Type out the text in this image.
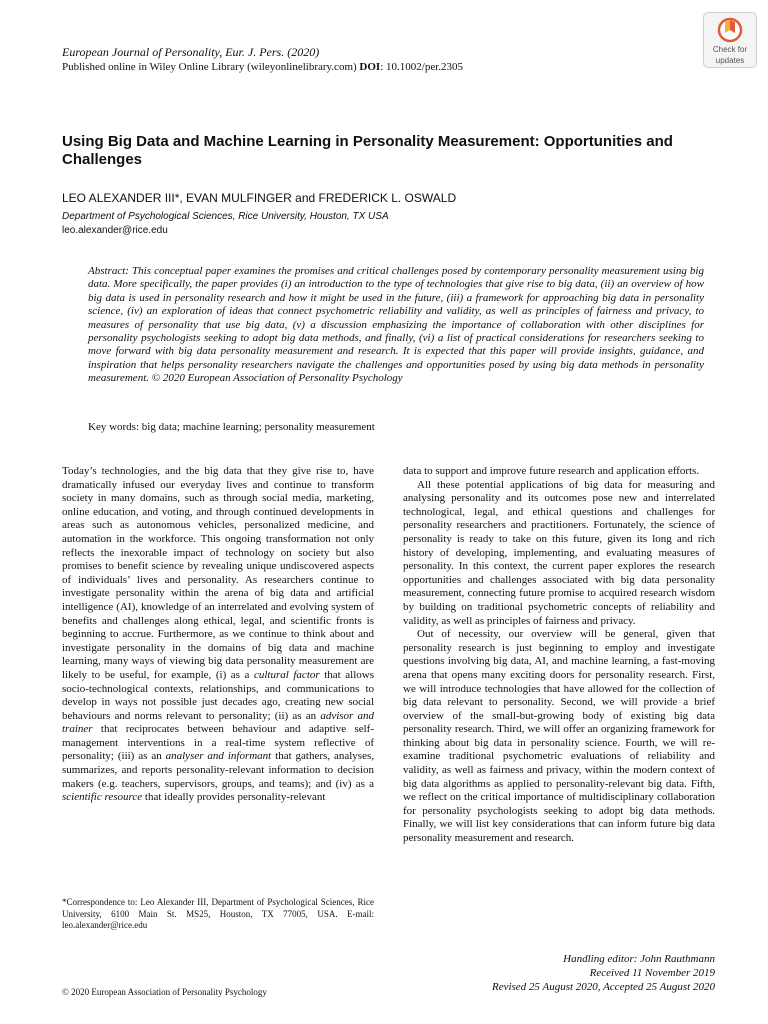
European Journal of Personality, Eur. J. Pers. (2020)
Published online in Wiley Online Library (wileyonlinelibrary.com) DOI: 10.1002/per.2305
Check for
updates
Using Big Data and Machine Learning in Personality Measurement: Opportunities and Challenges
LEO ALEXANDER III*, EVAN MULFINGER and FREDERICK L. OSWALD
Department of Psychological Sciences, Rice University, Houston, TX USA
leo.alexander@rice.edu
Abstract: This conceptual paper examines the promises and critical challenges posed by contemporary personality measurement using big data. More specifically, the paper provides (i) an introduction to the type of technologies that give rise to big data, (ii) an overview of how big data is used in personality research and how it might be used in the future, (iii) a framework for approaching big data in personality science, (iv) an exploration of ideas that connect psychometric reliability and validity, as well as principles of fairness and privacy, to measures of personality that use big data, (v) a discussion emphasizing the importance of collaboration with other disciplines for personality psychologists seeking to adopt big data methods, and finally, (vi) a list of practical considerations for researchers seeking to move forward with big data personality measurement and research. It is expected that this paper will provide insights, guidance, and inspiration that helps personality researchers navigate the challenges and opportunities posed by using big data methods in personality measurement. © 2020 European Association of Personality Psychology
Key words: big data; machine learning; personality measurement

Today’s technologies, and the big data that they give rise to, have dramatically infused our everyday lives and continue to transform society in many domains, such as through social media, marketing, online education, and voting, and through continued developments in areas such as autonomous vehicles, personalized medicine, and automation in the workforce. This ongoing transformation not only reflects the inexorable impact of technology on society but also promises to benefit science by revealing unique undiscovered aspects of individuals’ lives and personality. As researchers continue to investigate personality within the arena of big data and artificial intelligence (AI), knowledge of an interrelated and evolving system of benefits and challenges along ethical, legal, and scientific fronts is beginning to accrue. Furthermore, as we continue to think about and investigate personality in the domains of big data and machine learning, many ways of viewing big data personality measurement are likely to be useful, for example, (i) as a cultural factor that allows socio-technological contexts, relationships, and communications to develop in ways not possible just decades ago, creating new social behaviours and norms relevant to personality; (ii) as an advisor and trainer that reciprocates between behaviour and adaptive self-management interventions in a real-time system reflective of personality; (iii) as an analyser and informant that gathers, analyses, summarizes, and reports personality-relevant information to decision makers (e.g. teachers, supervisors, groups, and teams); and (iv) as a scientific resource that ideally provides personality-relevant

data to support and improve future research and application efforts.

All these potential applications of big data for measuring and analysing personality and its outcomes pose new and interrelated technological, legal, and ethical questions and challenges for personality researchers and practitioners. Fortunately, the science of personality is ready to take on this future, given its long and rich history of developing, implementing, and evaluating measures of personality. In this context, the current paper explores the research opportunities and challenges associated with big data personality measurement, connecting future promise to acquired research wisdom by building on traditional psychometric concepts of reliability and validity, as well as principles of fairness and privacy.

Out of necessity, our overview will be general, given that personality research is just beginning to employ and investigate questions involving big data, AI, and machine learning, a fast-moving arena that opens many exciting doors for personality research. First, we will introduce technologies that have allowed for the collection of big data relevant to personality. Second, we will provide a brief overview of the small-but-growing body of existing big data personality research. Third, we will offer an organizing framework for thinking about big data in personality science. Fourth, we will re-examine traditional psychometric evaluations of reliability and validity, as well as fairness and privacy, within the modern context of big data algorithms as applied to personality-relevant big data. Fifth, we reflect on the critical importance of multidisciplinary collaboration for personality psychologists seeking to adopt big data methods. Finally, we will list key considerations that can inform future big data personality measurement and research.

*Correspondence to: Leo Alexander III, Department of Psychological Sciences, Rice University, 6100 Main St. MS25, Houston, TX 77005, USA. E-mail: leo.alexander@rice.edu
© 2020 European Association of Personality Psychology
Handling editor: John Rauthmann
Received 11 November 2019
Revised 25 August 2020, Accepted 25 August 2020
